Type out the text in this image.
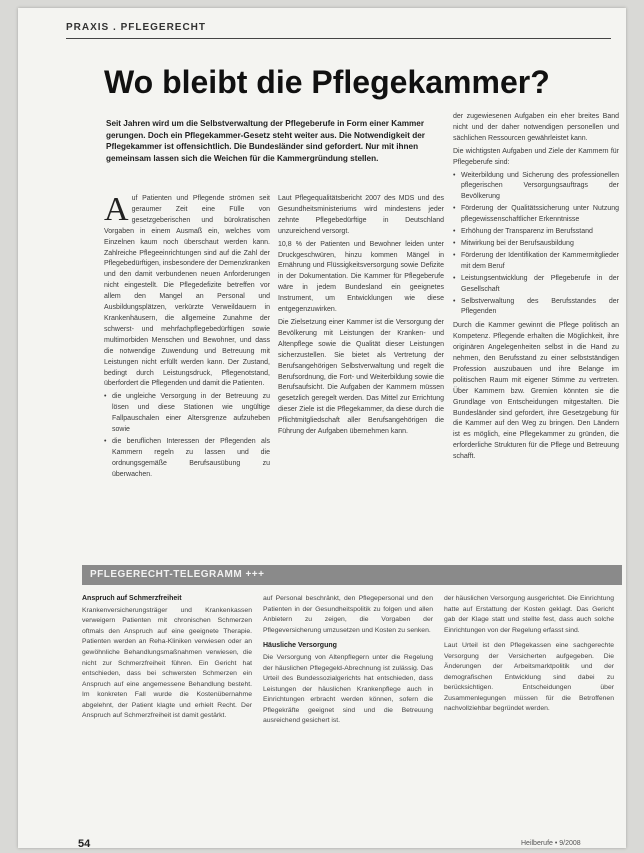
PRAXIS . PFLEGERECHT
Wo bleibt die Pflegekammer?
Seit Jahren wird um die Selbstverwaltung der Pflegeberufe in Form einer Kammer gerungen. Doch ein Pflegekammer-Gesetz steht weiter aus. Die Notwendigkeit der Pflegekammer ist offensichtlich. Die Bundesländer sind gefordert. Nur mit ihnen gemeinsam lassen sich die Weichen für die Kammergründung stellen.

Auf Patienten und Pflegende strömen seit geraumer Zeit eine Fülle von gesetzgeberischen und bürokratischen Vorgaben in einem Ausmaß ein, welches vom Einzelnen kaum noch überschaut werden kann. Zahlreiche Pflegeeinrichtungen sind auf die Zahl der Pflegebedürftigen, insbesondere der Demenzkranken und den damit verbundenen neuen Anforderungen nicht eingestellt. Die Pflegedefizite betreffen vor allem den Mangel an Personal und Ausbildungsplätzen, verkürzte Verweildauern in Krankenhäusern, die allgemeine Zunahme der schwerst- und mehrfachpflegebedürftigen sowie multimorbiden Menschen und Bewohner, und dass die notwendige Zuwendung und Betreuung mit Leistungen nicht erfüllt werden kann. Der Zustand, bedingt durch Leistungsdruck, Pflegenotstand, überfordert die Pflegenden und damit die Patienten.

• die ungleiche Versorgung in der Betreuung zu lösen und diese Stationen wie ungültige Fallpauschalen einer Altersgrenze aufzuheben sowie
• die beruflichen Interessen der Pflegenden als Kammern regeln zu lassen und die ordnungsgemäße Berufsausübung zu überwachen.

Laut Pflegequalitätsbericht 2007 des MDS und des Gesundheitsministeriums wird mindestens jeder zehnte Pflegebedürftige in Deutschland unzureichend versorgt.

10,8 % der Patienten und Bewohner leiden unter Druckgeschwüren, hinzu kommen Mängel in Ernährung und Flüssigkeitsversorgung sowie Defizite in der Dokumentation. Die Kammer für Pflegeberufe wäre in jedem Bundesland ein geeignetes Instrument, um Entwicklungen wie diese entgegenzuwirken.

Die Zielsetzung einer Kammer ist die Versorgung der Bevölkerung mit Leistungen der Kranken- und Altenpflege sowie die Qualität dieser Leistungen sicherzustellen. Sie bietet als Vertretung der Berufsangehörigen Selbstverwaltung und regelt die Berufsordnung, die Fort- und Weiterbildung sowie die Berufsaufsicht. Die Aufgaben der Kammern müssen gesetzlich geregelt werden. Das Mittel zur Errichtung dieser Ziele ist die Pflegekammer, da diese durch die Pflichtmitgliedschaft aller Berufsangehörigen die Führung der Aufgaben übernehmen kann.

der zugewiesenen Aufgaben ein eher breites Band nicht und der daher notwendigen personellen und sächlichen Ressourcen gewährleistet kann.

Die wichtigsten Aufgaben und Ziele der Kammern für Pflegeberufe sind:

• Weiterbildung und Sicherung des professionellen pflegerischen Versorgungsauftrags der Bevölkerung
• Förderung der Qualitätssicherung unter Nutzung pflegewissenschaftlicher Erkenntnisse
• Erhöhung der Transparenz im Berufsstand
• Mitwirkung bei der Berufsausbildung
• Förderung der Identifikation der Kammermitglieder mit dem Beruf
• Leistungsentwicklung der Pflegeberufe in der Gesellschaft
• Selbstverwaltung des Berufsstandes der Pflegenden

Durch die Kammer gewinnt die Pflege politisch an Kompetenz. Pflegende erhalten die Möglichkeit, ihre originären Angelegenheiten selbst in die Hand zu nehmen, den Berufsstand zu einer selbstständigen Profession auszubauen und ihre Belange im politischen Raum mit eigener Stimme zu vertreten. Über Kammern bzw. Gremien könnten sie die Grundlage von Entscheidungen mitgestalten. Die Bundesländer sind gefordert, ihre Gesetzgebung für die Kammer auf den Weg zu bringen. Den Ländern ist es möglich, eine Pflegekammer zu gründen, die erforderliche Strukturen für die Pflege und Betreuung schafft.

PFLEGERECHT-TELEGRAMM +++
Anspruch auf Schmerzfreiheit

Krankenversicherungsträger und Krankenkassen verweigern Patienten mit chronischen Schmerzen oftmals den Anspruch auf eine geeignete Therapie. Patienten werden an Reha-Kliniken verwiesen oder an gewöhnliche Behandlungsmaßnahmen verwiesen, die nicht zur Schmerzfreiheit führen. Ein Gericht hat entschieden, dass bei schwersten Schmerzen ein Anspruch auf eine angemessene Behandlung besteht. Im konkreten Fall wurde die Kostenübernahme abgelehnt, der Patient klagte und erhielt Recht. Der Anspruch auf Schmerzfreiheit ist damit gestärkt.

auf Personal beschränkt, den Pflegepersonal und den Patienten in der Gesundheitspolitik zu folgen und allen Anbietern zu zeigen, die Vorgaben der Pflegeversicherung umzusetzen und Kosten zu senken.

Häusliche Versorgung

Die Versorgung von Altenpflegern unter die Regelung der häuslichen Pflegegeld-Abrechnung ist zulässig. Das Urteil des Bundessozialgerichts hat entschieden, dass Leistungen der häuslichen Krankenpflege auch in Einrichtungen erbracht werden können, sofern die Pflegekräfte geeignet sind und die Betreuung ausreichend gesichert ist.

der häuslichen Versorgung ausgerichtet. Die Einrichtung hatte auf Erstattung der Kosten geklagt. Das Gericht gab der Klage statt und stellte fest, dass auch solche Einrichtungen von der Regelung erfasst sind.

Laut Urteil ist den Pflegekassen eine sachgerechte Versorgung der Versicherten aufgegeben. Die Änderungen der Arbeitsmarktpolitik und der demografischen Entwicklung sind dabei zu berücksichtigen. Entscheidungen über Zusammenlegungen müssen für die Betroffenen nachvollziehbar begründet werden.

54	Heilberufe • 9/2008
